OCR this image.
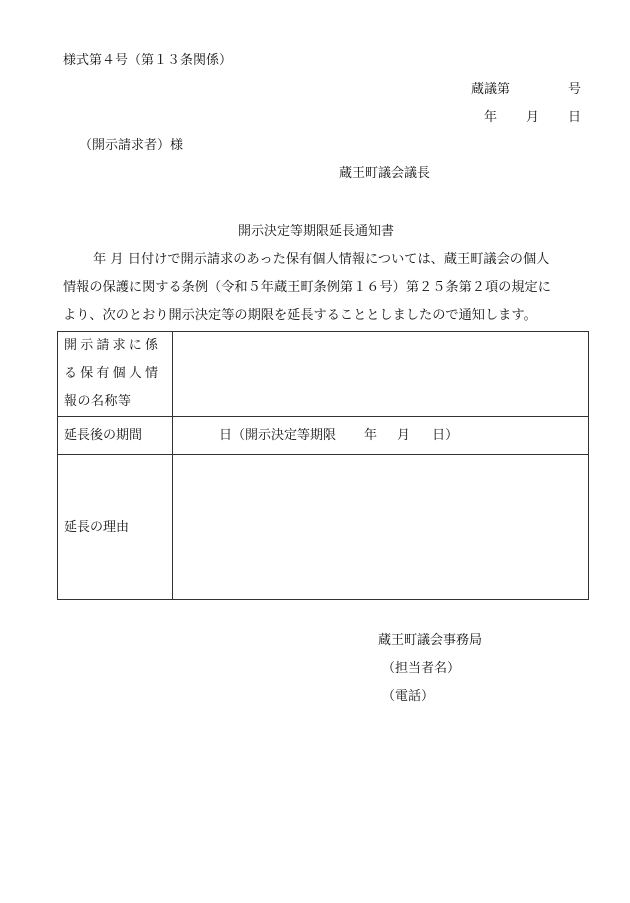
様式第４号（第１３条関係）
蔵議第	号
年 月 日
（開示請求者）様
蔵王町議会議長
開示決定等期限延長通知書
年 月 日付けで開示請求のあった保有個人情報については、蔵王町議会の個人
情報の保護に関する条例（令和５年蔵王町条例第１６号）第２５条第２項の規定に
より、次のとおり開示決定等の期限を延長することとしましたので通知します。
開示請求に係
る保有個人情
報の名称等	

延長後の期間	日（開示決定等期限 年 月 日）
延長の理由	
蔵王町議会事務局
（担当者名）
（電話）
